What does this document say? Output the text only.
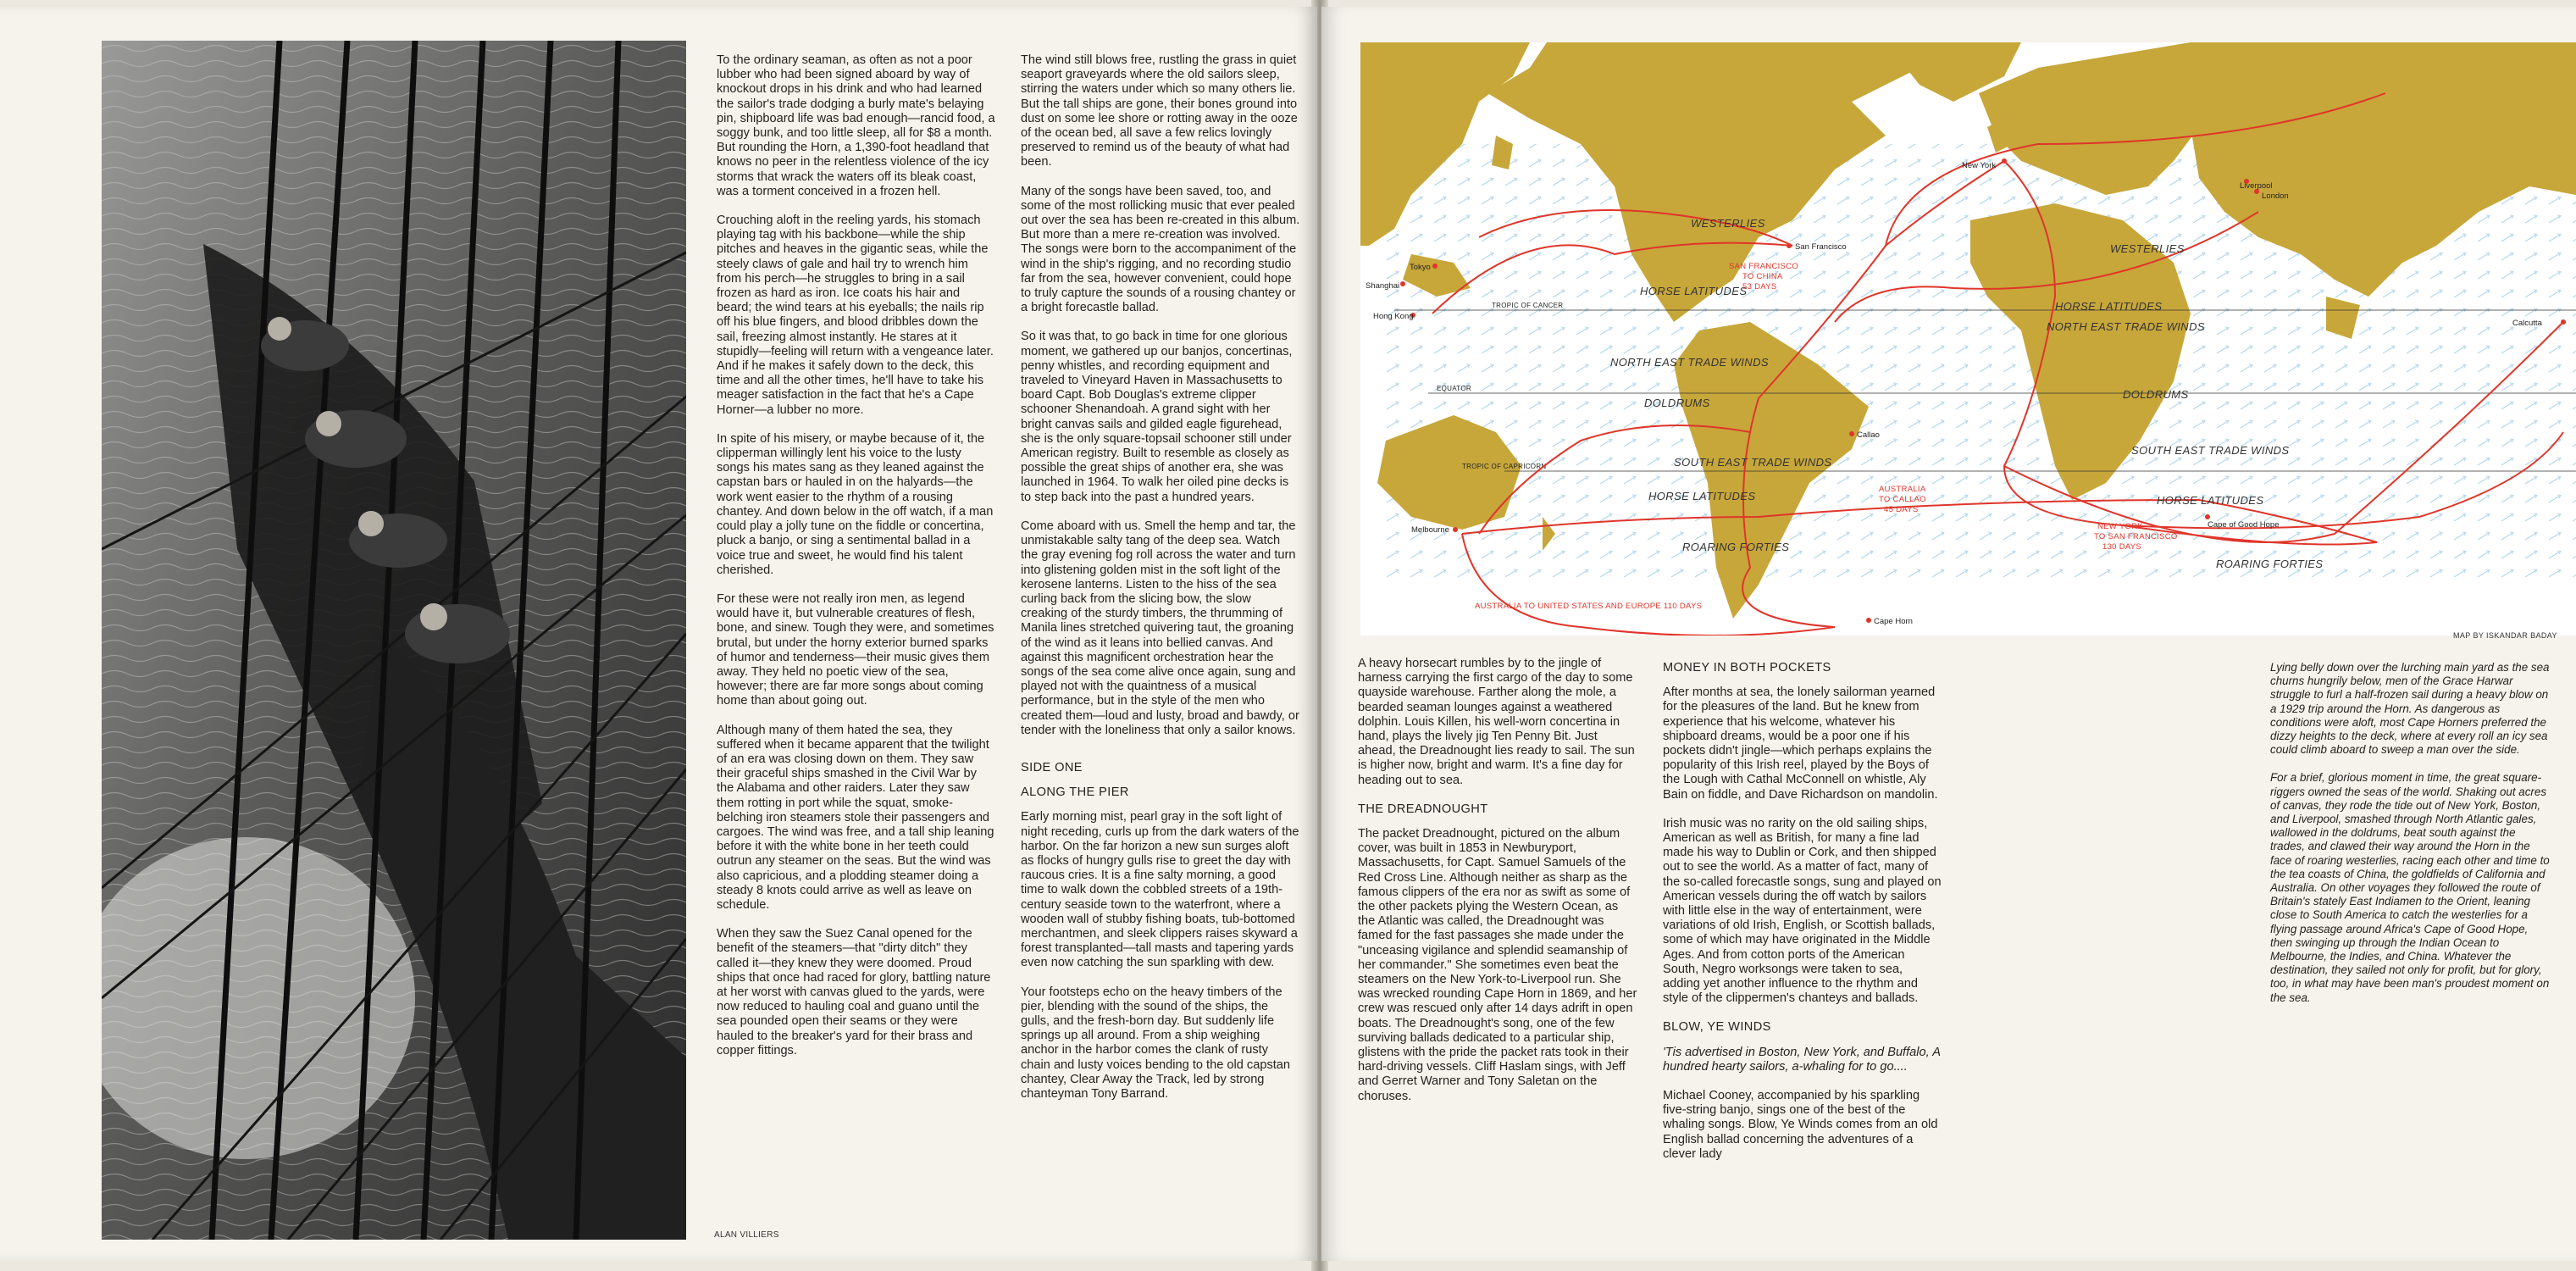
ALAN VILLIERS

To the ordinary seaman, as often as not a poor lubber who had been signed aboard by way of knockout drops in his drink and who had learned the sailor's trade dodging a burly mate's belaying pin, shipboard life was bad enough—rancid food, a soggy bunk, and too little sleep, all for $8 a month. But rounding the Horn, a 1,390-foot headland that knows no peer in the relentless violence of the icy storms that wrack the waters off its bleak coast, was a torment conceived in a frozen hell.

Crouching aloft in the reeling yards, his stomach playing tag with his backbone—while the ship pitches and heaves in the gigantic seas, while the steely claws of gale and hail try to wrench him from his perch—he struggles to bring in a sail frozen as hard as iron. Ice coats his hair and beard; the wind tears at his eyeballs; the nails rip off his blue fingers, and blood dribbles down the sail, freezing almost instantly. He stares at it stupidly—feeling will return with a vengeance later. And if he makes it safely down to the deck, this time and all the other times, he'll have to take his meager satisfaction in the fact that he's a Cape Horner—a lubber no more.

In spite of his misery, or maybe because of it, the clipperman willingly lent his voice to the lusty songs his mates sang as they leaned against the capstan bars or hauled in on the halyards—the work went easier to the rhythm of a rousing chantey. And down below in the off watch, if a man could play a jolly tune on the fiddle or concertina, pluck a banjo, or sing a sentimental ballad in a voice true and sweet, he would find his talent cherished.

For these were not really iron men, as legend would have it, but vulnerable creatures of flesh, bone, and sinew. Tough they were, and sometimes brutal, but under the horny exterior burned sparks of humor and tenderness—their music gives them away. They held no poetic view of the sea, however; there are far more songs about coming home than about going out.

Although many of them hated the sea, they suffered when it became apparent that the twilight of an era was closing down on them. They saw their graceful ships smashed in the Civil War by the Alabama and other raiders. Later they saw them rotting in port while the squat, smoke-belching iron steamers stole their passengers and cargoes. The wind was free, and a tall ship leaning before it with the white bone in her teeth could outrun any steamer on the seas. But the wind was also capricious, and a plodding steamer doing a steady 8 knots could arrive as well as leave on schedule.

When they saw the Suez Canal opened for the benefit of the steamers—that "dirty ditch" they called it—they knew they were doomed. Proud ships that once had raced for glory, battling nature at her worst with canvas glued to the yards, were now reduced to hauling coal and guano until the sea pounded open their seams or they were hauled to the breaker's yard for their brass and copper fittings.

The wind still blows free, rustling the grass in quiet seaport graveyards where the old sailors sleep, stirring the waters under which so many others lie. But the tall ships are gone, their bones ground into dust on some lee shore or rotting away in the ooze of the ocean bed, all save a few relics lovingly preserved to remind us of the beauty of what had been.

Many of the songs have been saved, too, and some of the most rollicking music that ever pealed out over the sea has been re-created in this album. But more than a mere re-creation was involved. The songs were born to the accompaniment of the wind in the ship's rigging, and no recording studio far from the sea, however convenient, could hope to truly capture the sounds of a rousing chantey or a bright forecastle ballad.

So it was that, to go back in time for one glorious moment, we gathered up our banjos, concertinas, penny whistles, and recording equipment and traveled to Vineyard Haven in Massachusetts to board Capt. Bob Douglas's extreme clipper schooner Shenandoah. A grand sight with her bright canvas sails and gilded eagle figurehead, she is the only square-topsail schooner still under American registry. Built to resemble as closely as possible the great ships of another era, she was launched in 1964. To walk her oiled pine decks is to step back into the past a hundred years.

Come aboard with us. Smell the hemp and tar, the unmistakable salty tang of the deep sea. Watch the gray evening fog roll across the water and turn into glistening golden mist in the soft light of the kerosene lanterns. Listen to the hiss of the sea curling back from the slicing bow, the slow creaking of the sturdy timbers, the thrumming of Manila lines stretched quivering taut, the groaning of the wind as it leans into bellied canvas. And against this magnificent orchestration hear the songs of the sea come alive once again, sung and played not with the quaintness of a musical performance, but in the style of the men who created them—loud and lusty, broad and bawdy, or tender with the loneliness that only a sailor knows.

SIDE ONE
ALONG THE PIER

Early morning mist, pearl gray in the soft light of night receding, curls up from the dark waters of the harbor. On the far horizon a new sun surges aloft as flocks of hungry gulls rise to greet the day with raucous cries. It is a fine salty morning, a good time to walk down the cobbled streets of a 19th-century seaside town to the waterfront, where a wooden wall of stubby fishing boats, tub-bottomed merchantmen, and sleek clippers raises skyward a forest transplanted—tall masts and tapering yards even now catching the sun sparkling with dew.

Your footsteps echo on the heavy timbers of the pier, blending with the sound of the ships, the gulls, and the fresh-born day. But suddenly life springs up all around. From a ship weighing anchor in the harbor comes the clank of rusty chain and lusty voices bending to the old capstan chantey, Clear Away the Track, led by strong chanteyman Tony Barrand.

TROPIC OF CANCER
EQUATOR
TROPIC OF CAPRICORN
WESTERLIES
WESTERLIES
HORSE LATITUDES
HORSE LATITUDES
NORTH EAST TRADE WINDS
NORTH EAST TRADE WINDS
DOLDRUMS
DOLDRUMS
SOUTH EAST TRADE WINDS
SOUTH EAST TRADE WINDS
HORSE LATITUDES	HORSE LATITUDES
ROARING FORTIES
ROARING FORTIES
SAN FRANCISCO
TO CHINA
53 DAYS
AUSTRALIA
TO CALLAO
45 DAYS
NEW YORK
TO SAN FRANCISCO
130 DAYS
AUSTRALIA TO UNITED STATES AND EUROPE 110 DAYS
Liverpool
London
New York
San Francisco
Tokyo
Shanghai
Hong Kong
Calcutta
Callao
Melbourne
Cape of Good Hope
Cape Horn
MAP BY ISKANDAR BADAY

A heavy horsecart rumbles by to the jingle of harness carrying the first cargo of the day to some quayside warehouse. Farther along the mole, a bearded seaman lounges against a weathered dolphin. Louis Killen, his well-worn concertina in hand, plays the lively jig Ten Penny Bit. Just ahead, the Dreadnought lies ready to sail. The sun is higher now, bright and warm. It's a fine day for heading out to sea.

THE DREADNOUGHT

The packet Dreadnought, pictured on the album cover, was built in 1853 in Newburyport, Massachusetts, for Capt. Samuel Samuels of the Red Cross Line. Although neither as sharp as the famous clippers of the era nor as swift as some of the other packets plying the Western Ocean, as the Atlantic was called, the Dreadnought was famed for the fast passages she made under the "unceasing vigilance and splendid seamanship of her commander." She sometimes even beat the steamers on the New York-to-Liverpool run. She was wrecked rounding Cape Horn in 1869, and her crew was rescued only after 14 days adrift in open boats. The Dreadnought's song, one of the few surviving ballads dedicated to a particular ship, glistens with the pride the packet rats took in their hard-driving vessels. Cliff Haslam sings, with Jeff and Gerret Warner and Tony Saletan on the choruses.

MONEY IN BOTH POCKETS

After months at sea, the lonely sailorman yearned for the pleasures of the land. But he knew from experience that his welcome, whatever his shipboard dreams, would be a poor one if his pockets didn't jingle—which perhaps explains the popularity of this Irish reel, played by the Boys of the Lough with Cathal McConnell on whistle, Aly Bain on fiddle, and Dave Richardson on mandolin.

Irish music was no rarity on the old sailing ships, American as well as British, for many a fine lad made his way to Dublin or Cork, and then shipped out to see the world. As a matter of fact, many of the so-called forecastle songs, sung and played on American vessels during the off watch by sailors with little else in the way of entertainment, were variations of old Irish, English, or Scottish ballads, some of which may have originated in the Middle Ages. And from cotton ports of the American South, Negro worksongs were taken to sea, adding yet another influence to the rhythm and style of the clippermen's chanteys and ballads.

BLOW, YE WINDS

'Tis advertised in Boston, New York, and Buffalo, A hundred hearty sailors, a-whaling for to go....

Michael Cooney, accompanied by his sparkling five-string banjo, sings one of the best of the whaling songs. Blow, Ye Winds comes from an old English ballad concerning the adventures of a clever lady

Lying belly down over the lurching main yard as the sea churns hungrily below, men of the Grace Harwar struggle to furl a half-frozen sail during a heavy blow on a 1929 trip around the Horn. As dangerous as conditions were aloft, most Cape Horners preferred the dizzy heights to the deck, where at every roll an icy sea could climb aboard to sweep a man over the side.

For a brief, glorious moment in time, the great square-riggers owned the seas of the world. Shaking out acres of canvas, they rode the tide out of New York, Boston, and Liverpool, smashed through North Atlantic gales, wallowed in the doldrums, beat south against the trades, and clawed their way around the Horn in the face of roaring westerlies, racing each other and time to the tea coasts of China, the goldfields of California and Australia. On other voyages they followed the route of Britain's stately East Indiamen to the Orient, leaning close to South America to catch the westerlies for a flying passage around Africa's Cape of Good Hope, then swinging up through the Indian Ocean to Melbourne, the Indies, and China. Whatever the destination, they sailed not only for profit, but for glory, too, in what may have been man's proudest moment on the sea.
